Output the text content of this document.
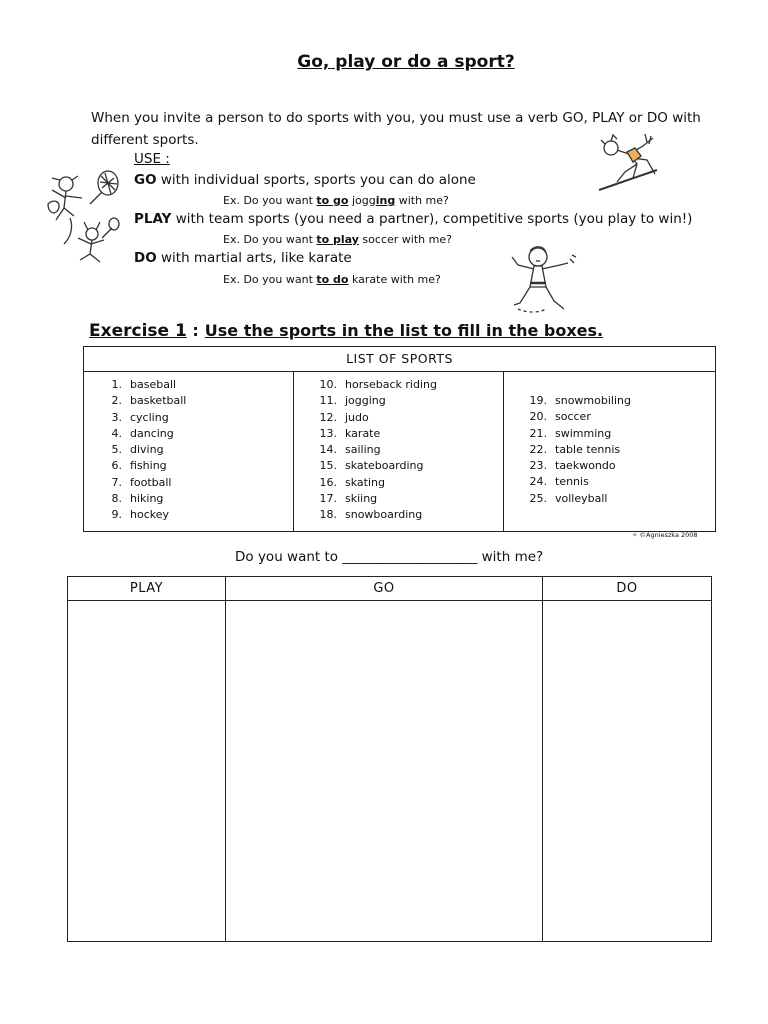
Go, play or do a sport?
When you invite a person to do sports with you, you must use a verb GO, PLAY or DO with different sports.
USE :
GO with individual sports, sports you can do alone
Ex. Do you want to go jogging with me?
PLAY with team sports (you need a partner), competitive sports (you play to win!)
Ex. Do you want to play soccer with me?
DO with martial arts, like karate
Ex. Do you want to do karate with me?
Exercise 1 : Use the sports in the list to fill in the boxes.
LIST OF SPORTS
1. baseball
2. basketball
3. cycling
4. dancing
5. diving
6. fishing
7. football
8. hiking
9. hockey
10. horseback riding
11. jogging
12. judo
13. karate
14. sailing
15. skateboarding
16. skating
17. skiing
18. snowboarding
19. snowmobiling
20. soccer
21. swimming
22. table tennis
23. taekwondo
24. tennis
25. volleyball
✧ ©Agnieszka 2008
Do you want to ____________________ with me?
PLAY	GO	DO
